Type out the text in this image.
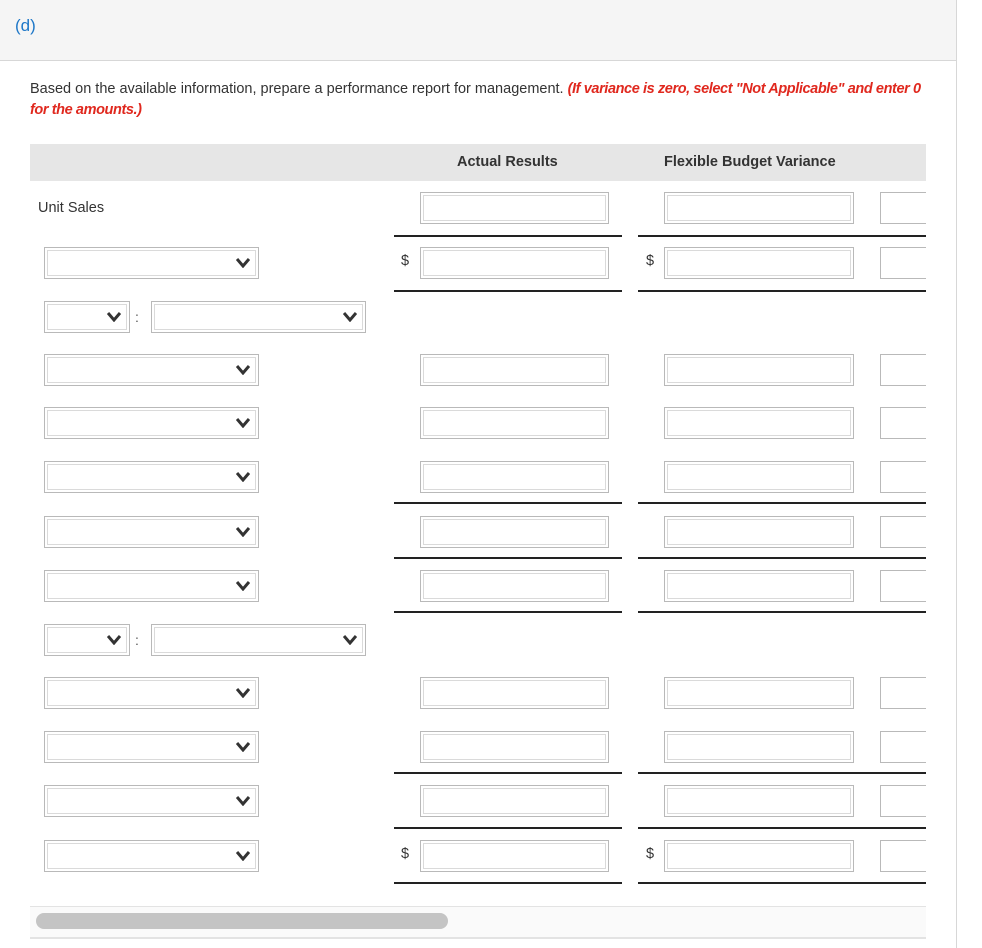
(d)
Based on the available information, prepare a performance report for management. (If variance is zero, select "Not Applicable" and enter 0 for the amounts.)
Actual Results	Flexible Budget Variance
Unit Sales
$	$
:
:
$	$
